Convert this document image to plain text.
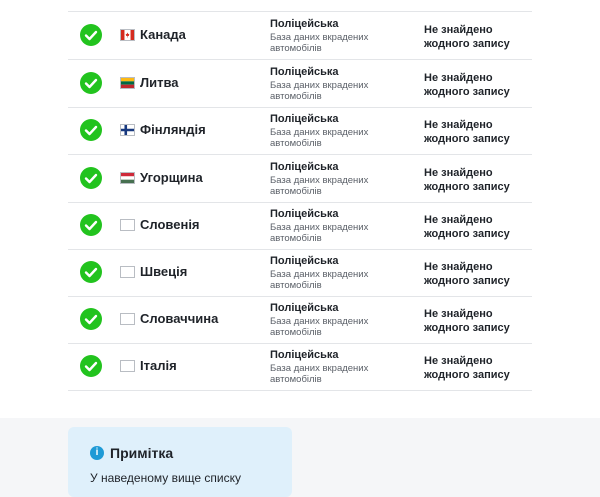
Канада
Поліцейська
База даних вкрадених автомобілів
Не знайдено жодного запису
Литва
Поліцейська
База даних вкрадених автомобілів
Не знайдено жодного запису
Фінляндія
Поліцейська
База даних вкрадених автомобілів
Не знайдено жодного запису
Угорщина
Поліцейська
База даних вкрадених автомобілів
Не знайдено жодного запису
Словенія
Поліцейська
База даних вкрадених автомобілів
Не знайдено жодного запису
Швеція
Поліцейська
База даних вкрадених автомобілів
Не знайдено жодного запису
Словаччина
Поліцейська
База даних вкрадених автомобілів
Не знайдено жодного запису
Італія
Поліцейська
База даних вкрадених автомобілів
Не знайдено жодного запису
i Примітка
У наведеному вище списку
